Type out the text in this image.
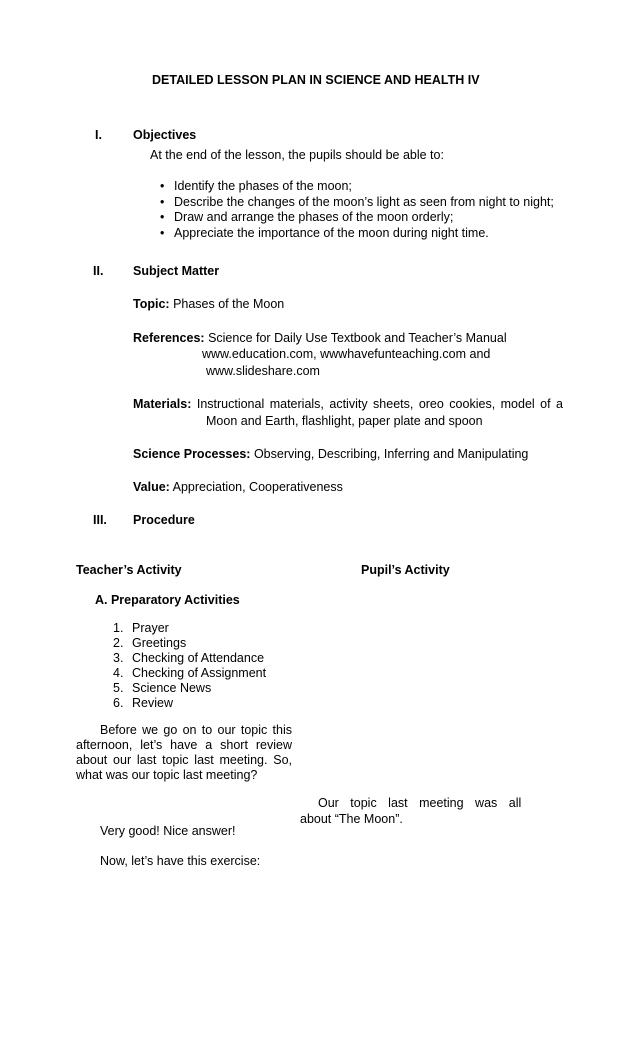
DETAILED LESSON PLAN IN SCIENCE AND HEALTH IV
I. Objectives
At the end of the lesson, the pupils should be able to:
• Identify the phases of the moon;
• Describe the changes of the moon’s light as seen from night to night;
• Draw and arrange the phases of the moon orderly;
• Appreciate the importance of the moon during night time.
II. Subject Matter
Topic: Phases of the Moon
References: Science for Daily Use Textbook and Teacher’s Manual
www.education.com, wwwhavefunteaching.com and
www.slideshare.com
Materials: Instructional materials, activity sheets, oreo cookies, model of a
Moon and Earth, flashlight, paper plate and spoon
Science Processes: Observing, Describing, Inferring and Manipulating
Value: Appreciation, Cooperativeness
III. Procedure
Teacher’s Activity	Pupil’s Activity
A. Preparatory Activities
1. Prayer
2. Greetings
3. Checking of Attendance
4. Checking of Assignment
5. Science News
6. Review
Before we go on to our topic this afternoon, let’s have a short review about our last topic last meeting. So, what was our topic last meeting?
Our topic last meeting was all
about “The Moon”.
Very good! Nice answer!
Now, let’s have this exercise:
